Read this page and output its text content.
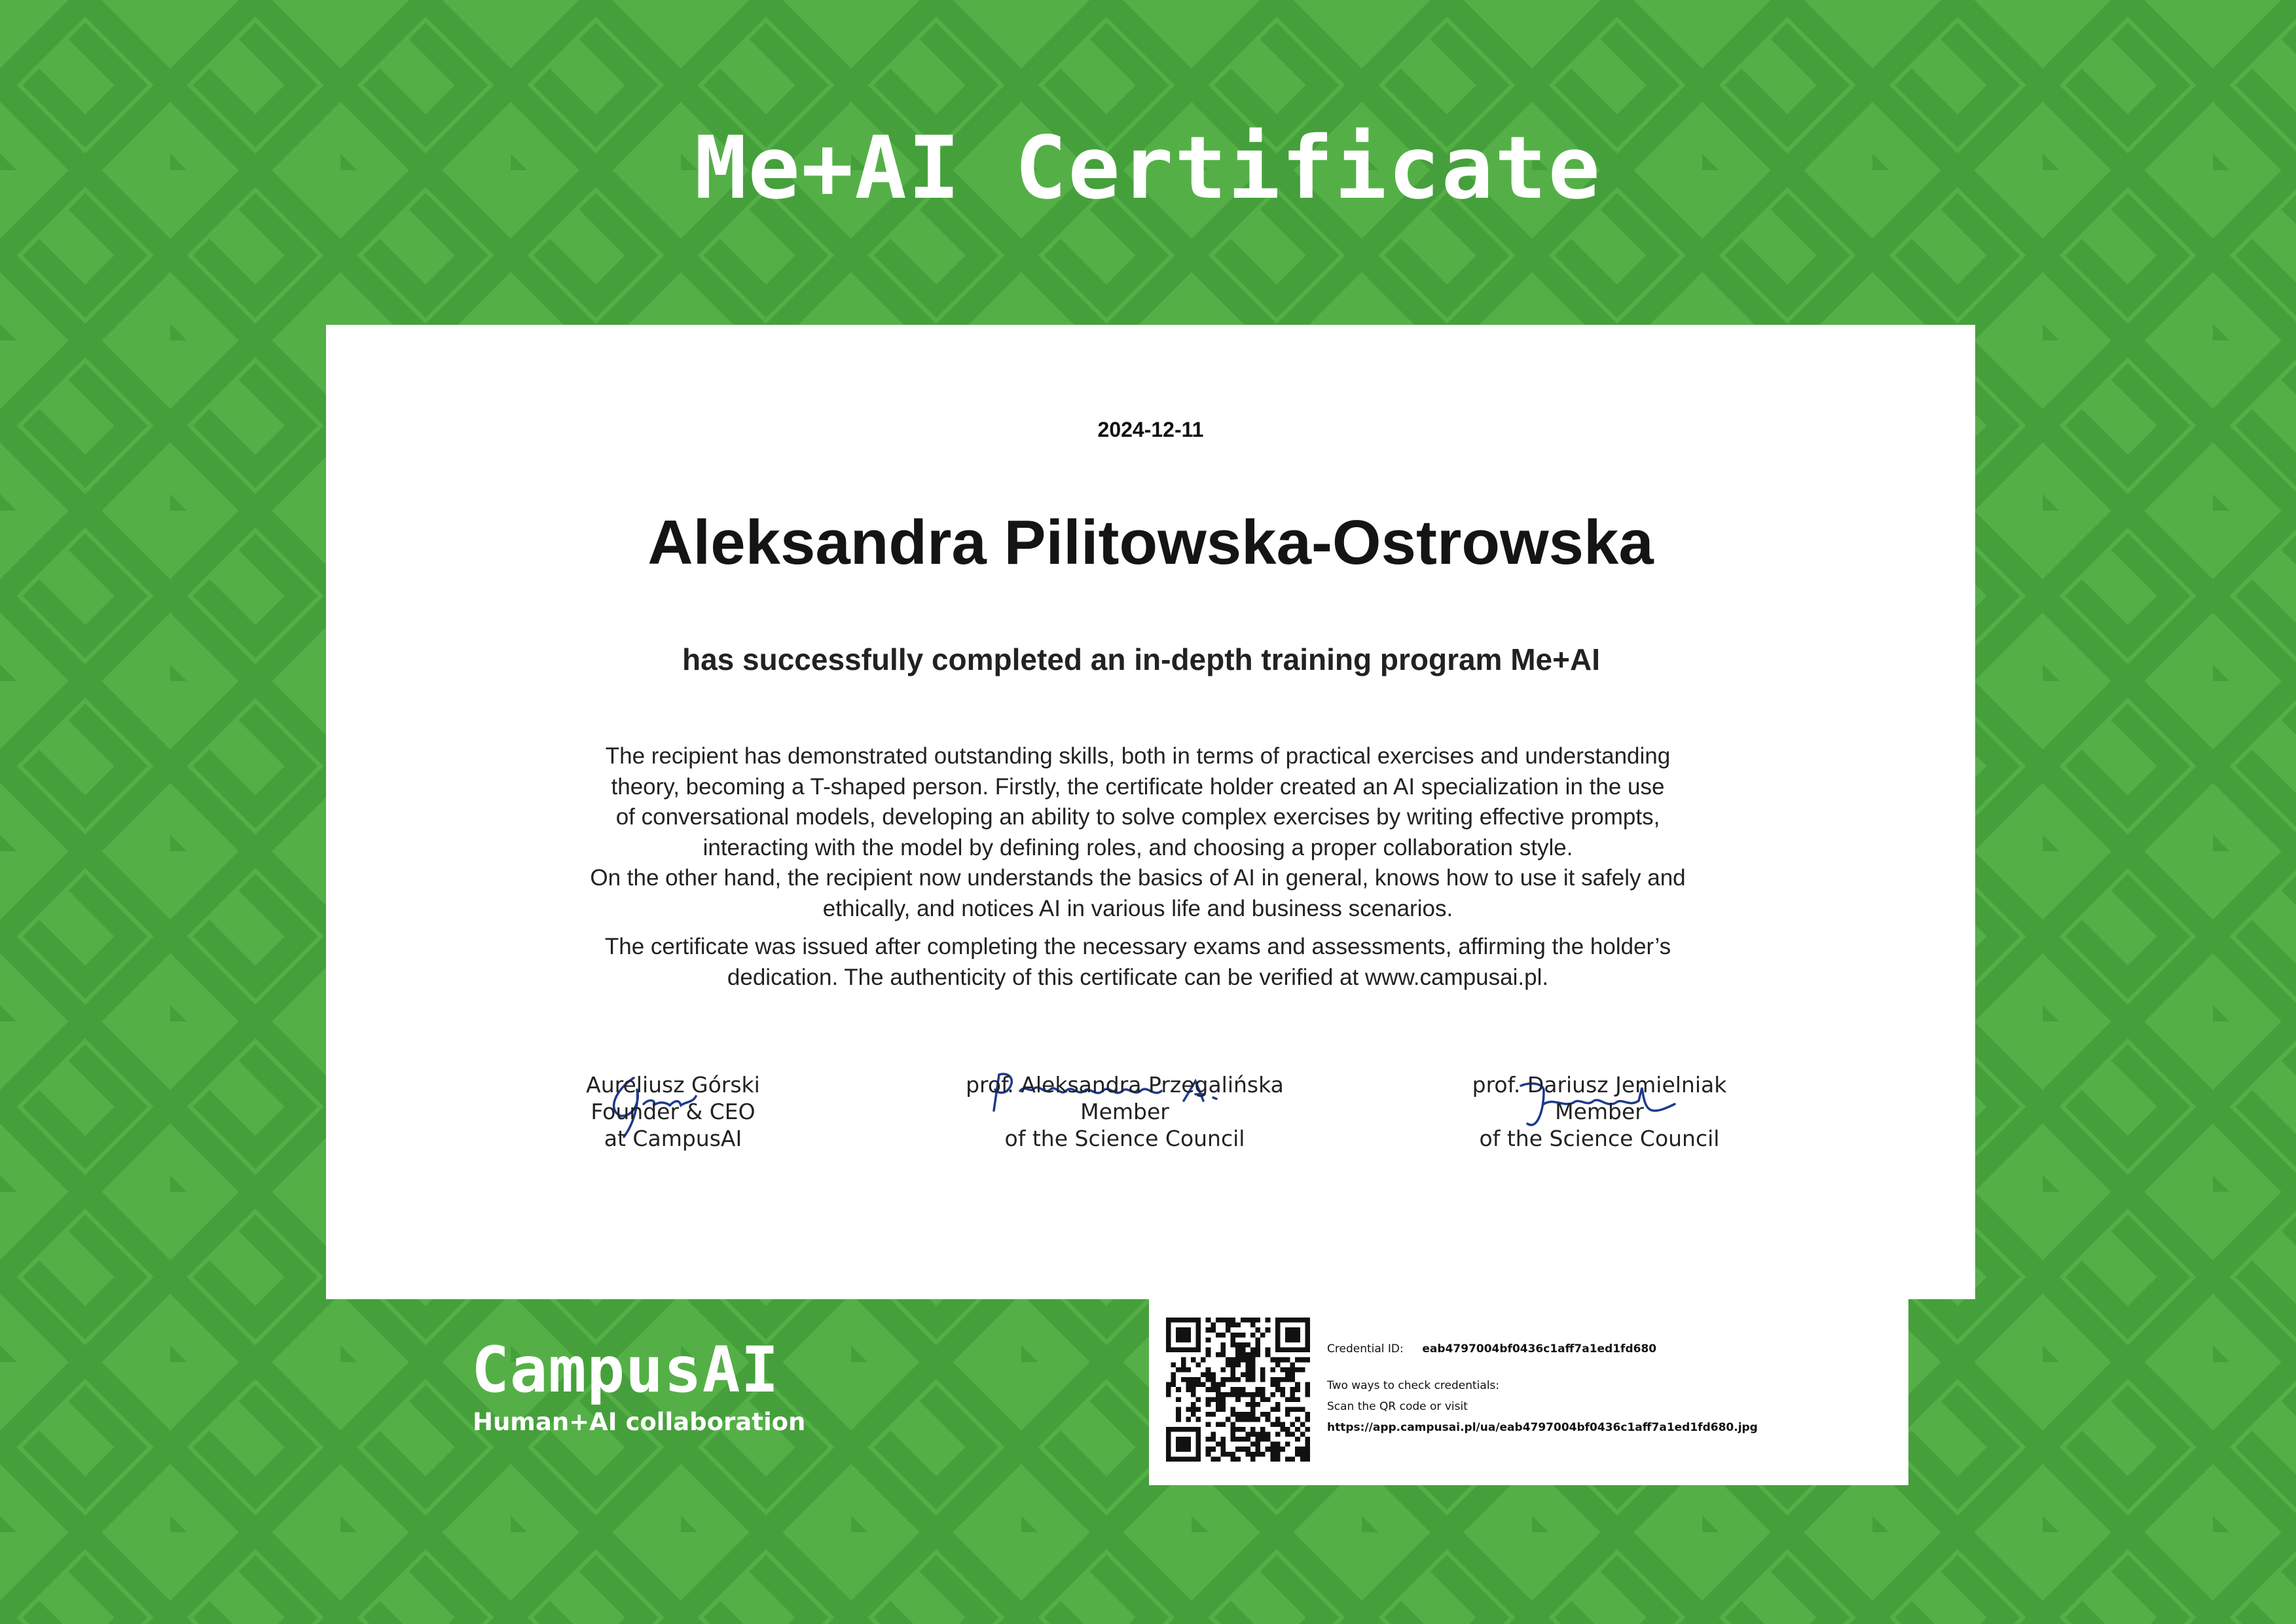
Me+AI Certificate
2024-12-11
Aleksandra Pilitowska-Ostrowska
has successfully completed an in-depth training program Me+AI

The recipient has demonstrated outstanding skills, both in terms of practical exercises and understanding
theory, becoming a T-shaped person. Firstly, the certificate holder created an AI specialization in the use
of conversational models, developing an ability to solve complex exercises by writing effective prompts,
interacting with the model by defining roles, and choosing a proper collaboration style.
On the other hand, the recipient now understands the basics of AI in general, knows how to use it safely and
ethically, and notices AI in various life and business scenarios.

The certificate was issued after completing the necessary exams and assessments, affirming the holder’s
dedication. The authenticity of this certificate can be verified at www.campusai.pl.

Aureliusz Górski
Founder & CEO
at CampusAI
prof. Aleksandra Przegalińska
Member
of the Science Council
prof. Dariusz Jemielniak
Member
of the Science Council
CampusAI
Human+AI collaboration
Credential ID: eab4797004bf0436c1aff7a1ed1fd680
Two ways to check credentials:
Scan the QR code or visit
https://app.campusai.pl/ua/eab4797004bf0436c1aff7a1ed1fd680.jpg
